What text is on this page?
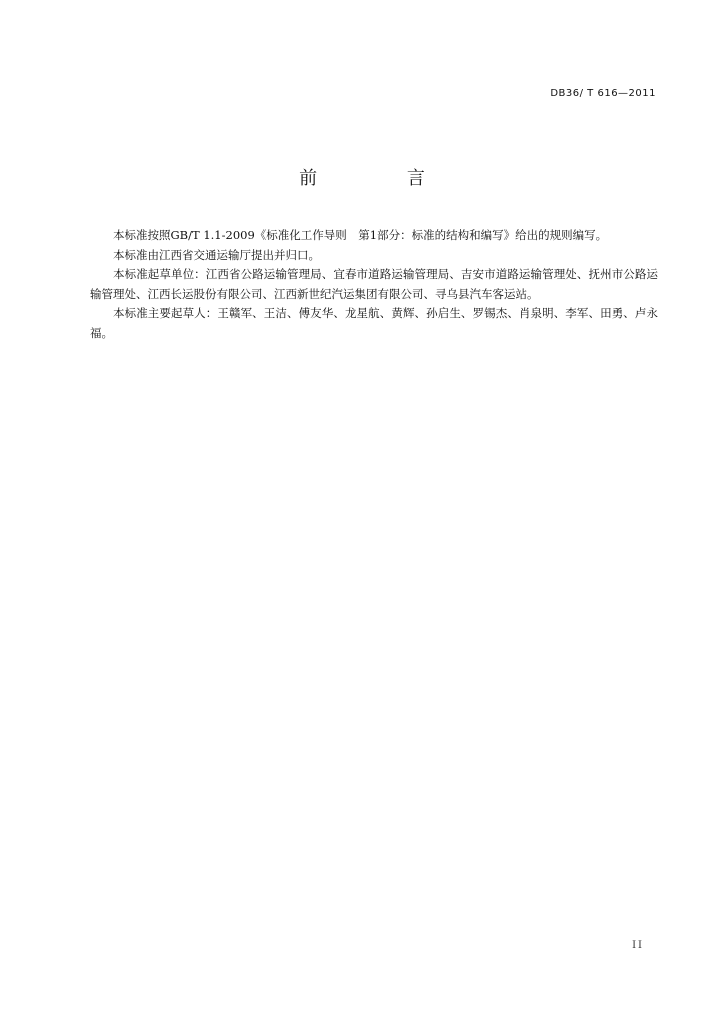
DB36/ T 616—2011
前 言

本标准按照GB/T 1.1-2009《标准化工作导则　第1部分：标准的结构和编写》给出的规则编写。

本标准由江西省交通运输厅提出并归口。

本标准起草单位：江西省公路运输管理局、宜春市道路运输管理局、吉安市道路运输管理处、抚州市公路运输管理处、江西长运股份有限公司、江西新世纪汽运集团有限公司、寻乌县汽车客运站。

本标准主要起草人：王赣军、王洁、傅友华、龙星航、黄辉、孙启生、罗锡杰、肖泉明、李军、田勇、卢永福。

II
